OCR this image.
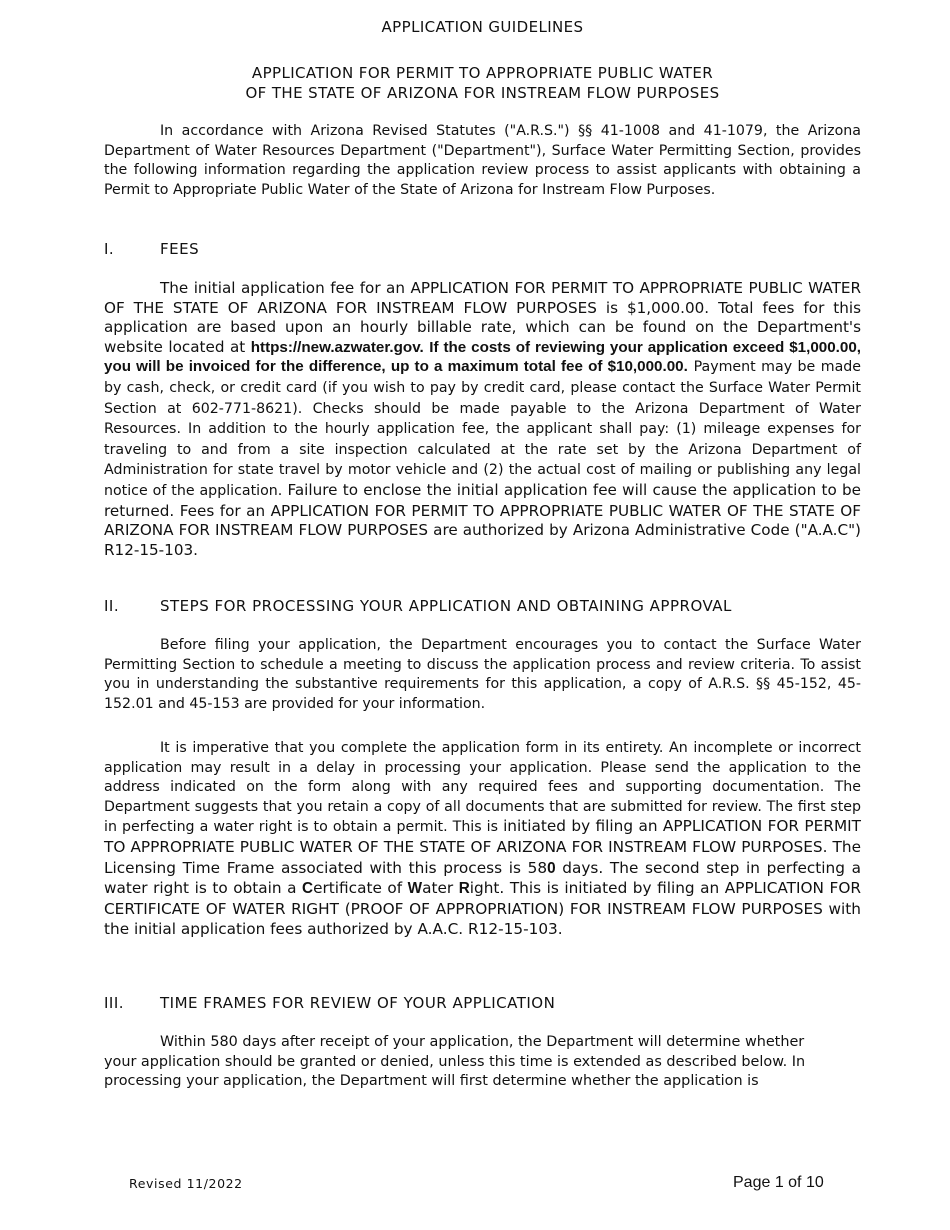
APPLICATION GUIDELINES
APPLICATION FOR PERMIT TO APPROPRIATE PUBLIC WATER
OF THE STATE OF ARIZONA FOR INSTREAM FLOW PURPOSES

In accordance with Arizona Revised Statutes ("A.R.S.") §§ 41-1008 and 41-1079, the Arizona Department of Water Resources Department ("Department"), Surface Water Permitting Section, provides the following information regarding the application review process to assist applicants with obtaining a Permit to Appropriate Public Water of the State of Arizona for Instream Flow Purposes.

I.	FEES

The initial application fee for an APPLICATION FOR PERMIT TO APPROPRIATE PUBLIC WATER OF THE STATE OF ARIZONA FOR INSTREAM FLOW PURPOSES is $1,000.00. Total fees for this application are based upon an hourly billable rate, which can be found on the Department's website located at https://new.azwater.gov. If the costs of reviewing your application exceed $1,000.00, you will be invoiced for the difference, up to a maximum total fee of $10,000.00. Payment may be made by cash, check, or credit card (if you wish to pay by credit card, please contact the Surface Water Permit Section at 602-771-8621). Checks should be made payable to the Arizona Department of Water Resources. In addition to the hourly application fee, the applicant shall pay: (1) mileage expenses for traveling to and from a site inspection calculated at the rate set by the Arizona Department of Administration for state travel by motor vehicle and (2) the actual cost of mailing or publishing any legal notice of the application. Failure to enclose the initial application fee will cause the application to be returned. Fees for an APPLICATION FOR PERMIT TO APPROPRIATE PUBLIC WATER OF THE STATE OF ARIZONA FOR INSTREAM FLOW PURPOSES are authorized by Arizona Administrative Code ("A.A.C") R12-15-103.

II.	STEPS FOR PROCESSING YOUR APPLICATION AND OBTAINING APPROVAL

Before filing your application, the Department encourages you to contact the Surface Water Permitting Section to schedule a meeting to discuss the application process and review criteria. To assist you in understanding the substantive requirements for this application, a copy of A.R.S. §§ 45-152, 45-152.01 and 45-153 are provided for your information.

It is imperative that you complete the application form in its entirety. An incomplete or incorrect application may result in a delay in processing your application. Please send the application to the address indicated on the form along with any required fees and supporting documentation. The Department suggests that you retain a copy of all documents that are submitted for review. The first step in perfecting a water right is to obtain a permit. This is initiated by filing an APPLICATION FOR PERMIT TO APPROPRIATE PUBLIC WATER OF THE STATE OF ARIZONA FOR INSTREAM FLOW PURPOSES. The Licensing Time Frame associated with this process is 580 days. The second step in perfecting a water right is to obtain a Certificate of Water Right. This is initiated by filing an APPLICATION FOR CERTIFICATE OF WATER RIGHT (PROOF OF APPROPRIATION) FOR INSTREAM FLOW PURPOSES with the initial application fees authorized by A.A.C. R12-15-103.

III. TIME FRAMES FOR REVIEW OF YOUR APPLICATION

Within 580 days after receipt of your application, the Department will determine whether your application should be granted or denied, unless this time is extended as described below. In processing your application, the Department will first determine whether the application is

Revised 11/2022	Page 1 of 10
